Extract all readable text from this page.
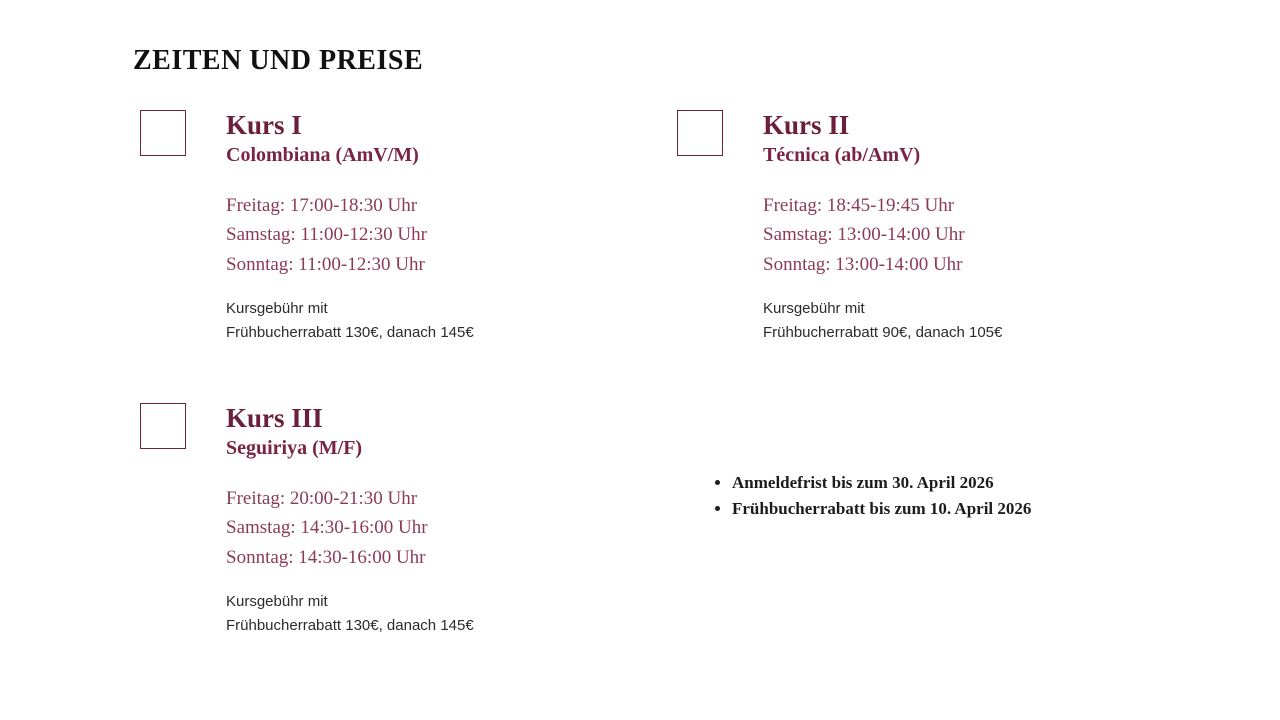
ZEITEN UND PREISE
Kurs I
Colombiana (AmV/M)
Freitag: 17:00-18:30 Uhr
Samstag: 11:00-12:30 Uhr
Sonntag: 11:00-12:30 Uhr
Kursgebühr mit
Frühbucherrabatt 130€, danach 145€
Kurs II
Técnica (ab/AmV)
Freitag: 18:45-19:45 Uhr
Samstag: 13:00-14:00 Uhr
Sonntag: 13:00-14:00 Uhr
Kursgebühr mit
Frühbucherrabatt 90€, danach 105€
Kurs III
Seguiriya (M/F)
Freitag: 20:00-21:30 Uhr
Samstag: 14:30-16:00 Uhr
Sonntag: 14:30-16:00 Uhr
Kursgebühr mit
Frühbucherrabatt 130€, danach 145€
• Anmeldefrist bis zum 30. April 2026
• Frühbucherrabatt bis zum 10. April 2026
